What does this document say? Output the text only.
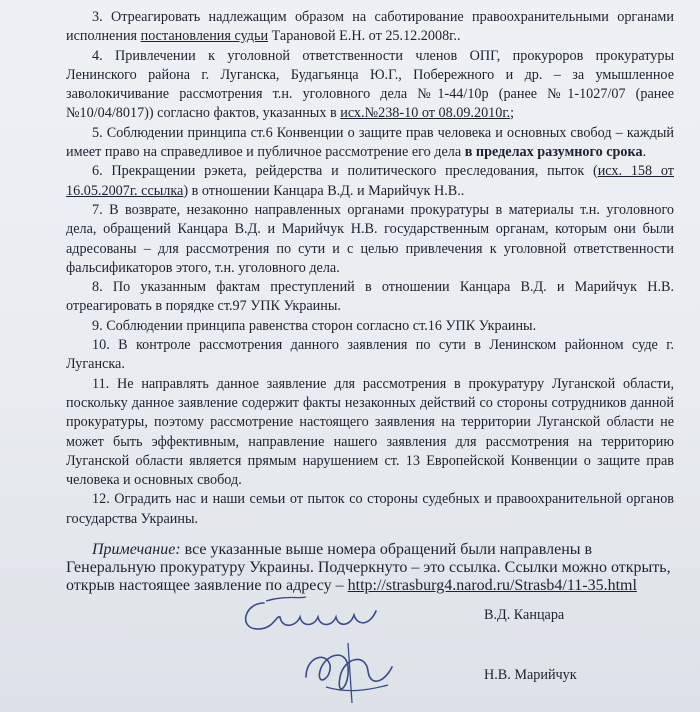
3. Отреагировать надлежащим образом на саботирование правоохранительными органами исполнения постановления судьи Тарановой Е.Н. от 25.12.2008г..

4. Привлечении к уголовной ответственности членов ОПГ, прокуроров прокуратуры Ленинского района г. Луганска, Будагьянца Ю.Г., Побережного и др. – за умышленное заволокичивание рассмотрения т.н. уголовного дела №1-44/10р (ранее №1-1027/07 (ранее №10/04/8017)) согласно фактов, указанных в исх.№238-10 от 08.09.2010г.;

5. Соблюдении принципа ст.6 Конвенции о защите прав человека и основных свобод – каждый имеет право на справедливое и публичное рассмотрение его дела в пределах разумного срока.

6. Прекращении рэкета, рейдерства и политического преследования, пыток (исх. 158 от 16.05.2007г. ссылка) в отношении Канцара В.Д. и Марийчук Н.В..

7. В возврате, незаконно направленных органами прокуратуры в материалы т.н. уголовного дела, обращений Канцара В.Д. и Марийчук Н.В. государственным органам, которым они были адресованы – для рассмотрения по сути и с целью привлечения к уголовной ответственности фальсификаторов этого, т.н. уголовного дела.

8. По указанным фактам преступлений в отношении Канцара В.Д. и Марийчук Н.В. отреагировать в порядке ст.97 УПК Украины.

9. Соблюдении принципа равенства сторон согласно ст.16 УПК Украины.

10. В контроле рассмотрения данного заявления по сути в Ленинском районном суде г. Луганска.

11. Не направлять данное заявление для рассмотрения в прокуратуру Луганской области, поскольку данное заявление содержит факты незаконных действий со стороны сотрудников данной прокуратуры, поэтому рассмотрение настоящего заявления на территории Луганской области не может быть эффективным, направление нашего заявления для рассмотрения на территорию Луганской области является прямым нарушением ст. 13 Европейской Конвенции о защите прав человека и основных свобод.

12. Оградить нас и наши семьи от пыток со стороны судебных и правоохранительной органов государства Украины.

Примечание: все указанные выше номера обращений были направлены в Генеральную прокуратуру Украины. Подчеркнуто – это ссылка. Ссылки можно открыть, открыв настоящее заявление по адресу – http://strasburg4.narod.ru/Strasb4/11-35.html

В.Д. Канцара
Н.В. Марийчук
